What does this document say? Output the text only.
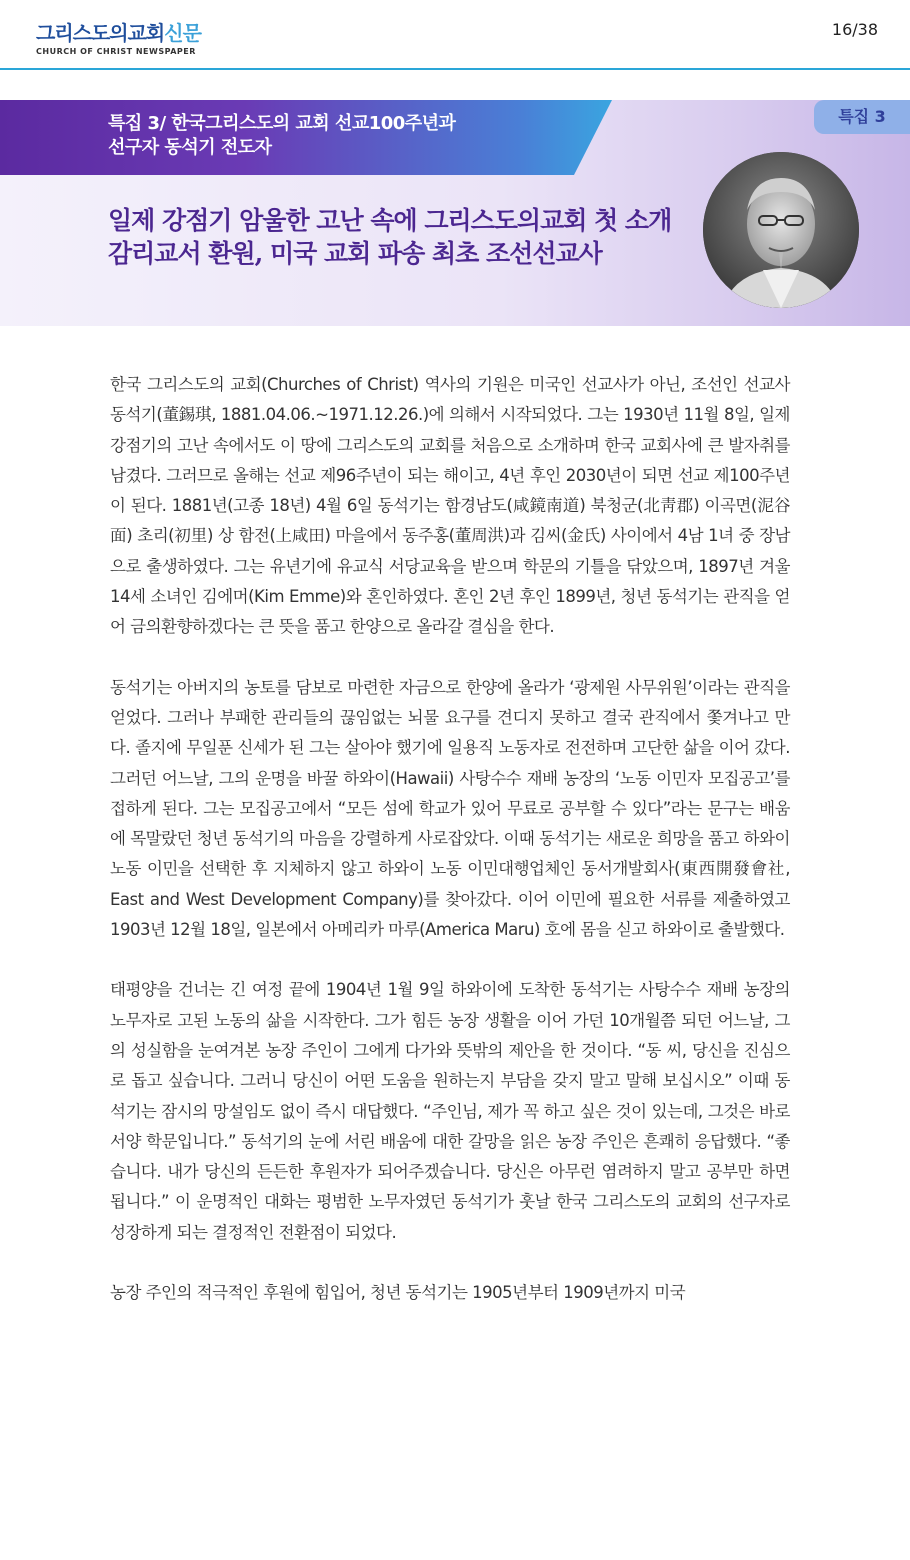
그리스도의교회신문
CHURCH OF CHRIST NEWSPAPER
16/38
특집 3/ 한국그리스도의 교회 선교100주년과
선구자 동석기 전도자
특집 3
일제 강점기 암울한 고난 속에 그리스도의교회 첫 소개
감리교서 환원, 미국 교회 파송 최초 조선선교사

한국 그리스도의 교회(Churches of Christ) 역사의 기원은 미국인 선교사가 아닌, 조선인 선교사 동석기(董錫琪, 1881.04.06.~1971.12.26.)에 의해서 시작되었다. 그는 1930년 11월 8일, 일제강점기의 고난 속에서도 이 땅에 그리스도의 교회를 처음으로 소개하며 한국 교회사에 큰 발자취를 남겼다. 그러므로 올해는 선교 제96주년이 되는 해이고, 4년 후인 2030년이 되면 선교 제100주년이 된다. 1881년(고종 18년) 4월 6일 동석기는 함경남도(咸鏡南道) 북청군(北靑郡) 이곡면(泥谷面) 초리(初里) 상 함전(上咸田) 마을에서 동주홍(董周洪)과 김씨(金氏) 사이에서 4남 1녀 중 장남으로 출생하였다. 그는 유년기에 유교식 서당교육을 받으며 학문의 기틀을 닦았으며, 1897년 겨울 14세 소녀인 김에머(Kim Emme)와 혼인하였다. 혼인 2년 후인 1899년, 청년 동석기는 관직을 얻어 금의환향하겠다는 큰 뜻을 품고 한양으로 올라갈 결심을 한다.

동석기는 아버지의 농토를 담보로 마련한 자금으로 한양에 올라가 ‘광제원 사무위원’이라는 관직을 얻었다. 그러나 부패한 관리들의 끊임없는 뇌물 요구를 견디지 못하고 결국 관직에서 쫓겨나고 만다. 졸지에 무일푼 신세가 된 그는 살아야 했기에 일용직 노동자로 전전하며 고단한 삶을 이어 갔다. 그러던 어느날, 그의 운명을 바꿀 하와이(Hawaii) 사탕수수 재배 농장의 ‘노동 이민자 모집공고’를 접하게 된다. 그는 모집공고에서 “모든 섬에 학교가 있어 무료로 공부할 수 있다”라는 문구는 배움에 목말랐던 청년 동석기의 마음을 강렬하게 사로잡았다. 이때 동석기는 새로운 희망을 품고 하와이 노동 이민을 선택한 후 지체하지 않고 하와이 노동 이민대행업체인 동서개발회사(東西開發會社, East and West Development Company)를 찾아갔다. 이어 이민에 필요한 서류를 제출하였고 1903년 12월 18일, 일본에서 아메리카 마루(America Maru) 호에 몸을 싣고 하와이로 출발했다.

태평양을 건너는 긴 여정 끝에 1904년 1월 9일 하와이에 도착한 동석기는 사탕수수 재배 농장의 노무자로 고된 노동의 삶을 시작한다. 그가 힘든 농장 생활을 이어 가던 10개월쯤 되던 어느날, 그의 성실함을 눈여겨본 농장 주인이 그에게 다가와 뜻밖의 제안을 한 것이다. “동 씨, 당신을 진심으로 돕고 싶습니다. 그러니 당신이 어떤 도움을 원하는지 부담을 갖지 말고 말해 보십시오” 이때 동석기는 잠시의 망설임도 없이 즉시 대답했다. “주인님, 제가 꼭 하고 싶은 것이 있는데, 그것은 바로 서양 학문입니다.” 동석기의 눈에 서린 배움에 대한 갈망을 읽은 농장 주인은 흔쾌히 응답했다. “좋습니다. 내가 당신의 든든한 후원자가 되어주겠습니다. 당신은 아무런 염려하지 말고 공부만 하면 됩니다.” 이 운명적인 대화는 평범한 노무자였던 동석기가 훗날 한국 그리스도의 교회의 선구자로 성장하게 되는 결정적인 전환점이 되었다.

농장 주인의 적극적인 후원에 힘입어, 청년 동석기는 1905년부터 1909년까지 미국
